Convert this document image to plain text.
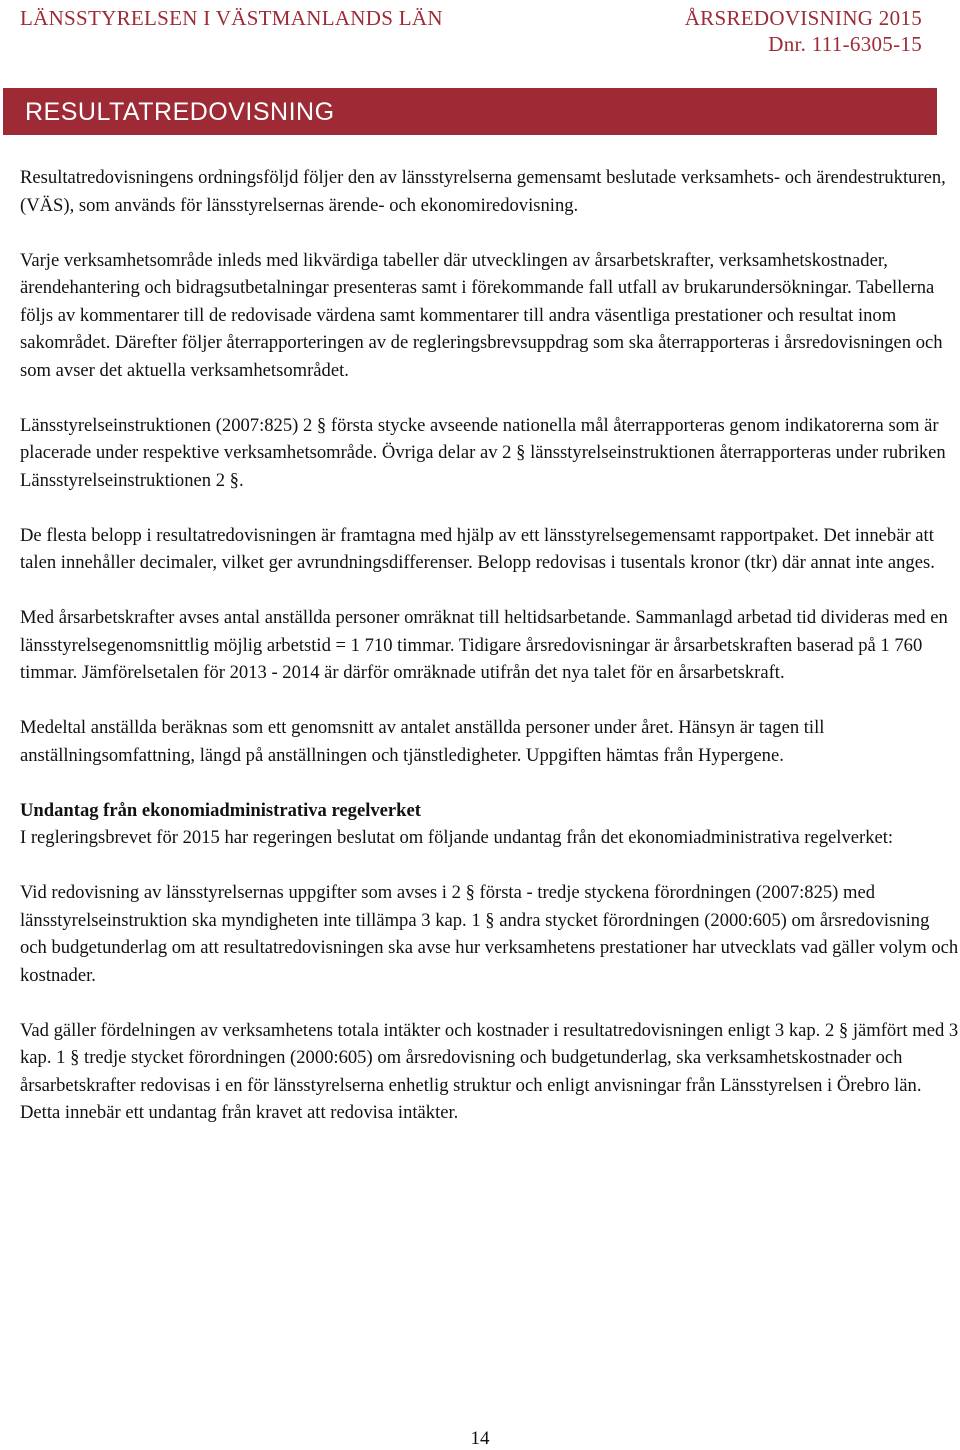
LÄNSSTYRELSEN I VÄSTMANLANDS LÄN	ÅRSREDOVISNING 2015
Dnr. 111-6305-15
RESULTATREDOVISNING

Resultatredovisningens ordningsföljd följer den av länsstyrelserna gemensamt beslutade verksamhets- och ärendestrukturen, (VÄS), som används för länsstyrelsernas ärende- och ekonomiredovisning.

Varje verksamhetsområde inleds med likvärdiga tabeller där utvecklingen av årsarbetskrafter, verksamhetskostnader, ärendehantering och bidragsutbetalningar presenteras samt i förekommande fall utfall av brukarundersökningar. Tabellerna följs av kommentarer till de redovisade värdena samt kommentarer till andra väsentliga prestationer och resultat inom sakområdet. Därefter följer återrapporteringen av de regleringsbrevsuppdrag som ska återrapporteras i årsredovisningen och som avser det aktuella verksamhetsområdet.

Länsstyrelseinstruktionen (2007:825) 2 § första stycke avseende nationella mål återrapporteras genom indikatorerna som är placerade under respektive verksamhetsområde. Övriga delar av 2 § länsstyrelseinstruktionen återrapporteras under rubriken Länsstyrelseinstruktionen 2 §.

De flesta belopp i resultatredovisningen är framtagna med hjälp av ett länsstyrelsegemensamt rapportpaket. Det innebär att talen innehåller decimaler, vilket ger avrundningsdifferenser. Belopp redovisas i tusentals kronor (tkr) där annat inte anges.

Med årsarbetskrafter avses antal anställda personer omräknat till heltidsarbetande. Sammanlagd arbetad tid divideras med en länsstyrelsegenomsnittlig möjlig arbetstid = 1 710 timmar. Tidigare årsredovisningar är årsarbetskraften baserad på 1 760 timmar. Jämförelsetalen för 2013 - 2014 är därför omräknade utifrån det nya talet för en årsarbetskraft.

Medeltal anställda beräknas som ett genomsnitt av antalet anställda personer under året. Hänsyn är tagen till anställningsomfattning, längd på anställningen och tjänstledigheter. Uppgiften hämtas från Hypergene.

Undantag från ekonomiadministrativa regelverket

I regleringsbrevet för 2015 har regeringen beslutat om följande undantag från det ekonomiadministrativa regelverket:

Vid redovisning av länsstyrelsernas uppgifter som avses i 2 § första - tredje styckena förordningen (2007:825) med länsstyrelseinstruktion ska myndigheten inte tillämpa 3 kap. 1 § andra stycket förordningen (2000:605) om årsredovisning och budgetunderlag om att resultatredovisningen ska avse hur verksamhetens prestationer har utvecklats vad gäller volym och kostnader.

Vad gäller fördelningen av verksamhetens totala intäkter och kostnader i resultatredovisningen enligt 3 kap. 2 § jämfört med 3 kap. 1 § tredje stycket förordningen (2000:605) om årsredovisning och budgetunderlag, ska verksamhetskostnader och årsarbetskrafter redovisas i en för länsstyrelserna enhetlig struktur och enligt anvisningar från Länsstyrelsen i Örebro län. Detta innebär ett undantag från kravet att redovisa intäkter.

14
